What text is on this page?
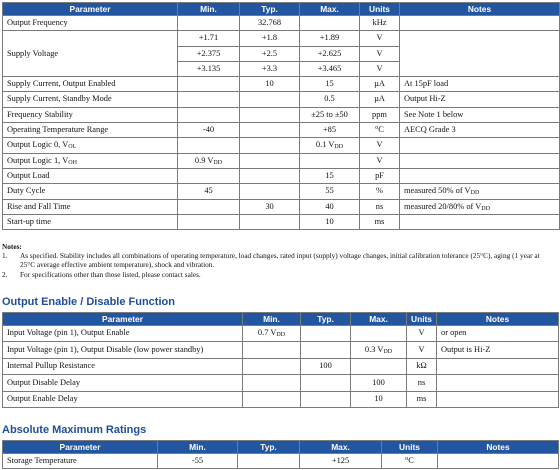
Parameter	Min.	Typ.	Max.	Units	Notes
Output Frequency		32.768		kHz	
Supply Voltage	+1.71	+1.8	+1.89	V	
	+2.375	+2.5	+2.625	V	
	+3.135	+3.3	+3.465	V	
Supply Current, Output Enabled		10	15	µA	At 15pF load
Supply Current, Standby Mode			0.5	µA	Output Hi-Z
Frequency Stability			±25 to ±50	ppm	See Note 1 below
Operating Temperature Range	-40		+85	$^o$C	AECQ Grade 3
Output Logic 0, $V_{OL}$			0.1 $V_{DD}$	V	
Output Logic 1, $V_{OH}$	0.9 $V_{DD}$			V	
Output Load			15	pF	
Duty Cycle	45		55	%	measured 50% of $V_{DD}$
Rise and Fall Time		30	40	ns	measured 20/80% of $V_{DD}$
Start-up time			10	ms	
Notes:
1.	As specified. Stability includes all combinations of operating temperature, load changes, rated input (supply) voltage changes, initial calibration tolerance (25°C), aging (1 year at 25°C average effective ambient temperature), shock and vibration.
2.	For specifications other than those listed, please contact sales.
Output Enable / Disable Function
Parameter	Min.	Typ.	Max.	Units	Notes
Input Voltage (pin 1), Output Enable	0.7 $V_{DD}$			V	or open
Input Voltage (pin 1), Output Disable (low power standby)			0.3 $V_{DD}$	V	Output is Hi-Z
Internal Pullup Resistance		100		kΩ	
Output Disable Delay			100	ns	
Output Enable Delay			10	ms	
Absolute Maximum Ratings
Parameter	Min.	Typ.	Max.	Units	Notes
Storage Temperature	-55		+125	$^o$C	
